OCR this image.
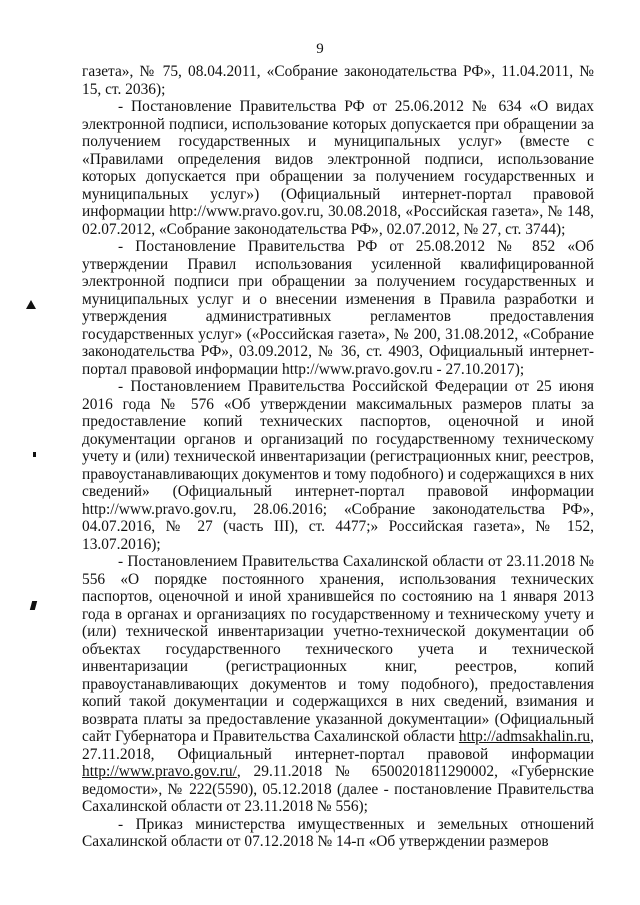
9

газета», № 75, 08.04.2011, «Собрание законодательства РФ», 11.04.2011, № 15, ст. 2036);

- Постановление Правительства РФ от 25.06.2012 № 634 «О видах электронной подписи, использование которых допускается при обращении за получением государственных и муниципальных услуг» (вместе с «Правилами определения видов электронной подписи, использование которых допускается при обращении за получением государственных и муниципальных услуг») (Официальный интернет-портал правовой информации http://www.pravo.gov.ru, 30.08.2018, «Российская газета», № 148, 02.07.2012, «Собрание законодательства РФ», 02.07.2012, № 27, ст. 3744);

- Постановление Правительства РФ от 25.08.2012 № 852 «Об утверждении Правил использования усиленной квалифицированной электронной подписи при обращении за получением государственных и муниципальных услуг и о внесении изменения в Правила разработки и утверждения административных регламентов предоставления государственных услуг» («Российская газета», № 200, 31.08.2012, «Собрание законодательства РФ», 03.09.2012, № 36, ст. 4903, Официальный интернет-портал правовой информации http://www.pravo.gov.ru - 27.10.2017);

- Постановлением Правительства Российской Федерации от 25 июня 2016 года № 576 «Об утверждении максимальных размеров платы за предоставление копий технических паспортов, оценочной и иной документации органов и организаций по государственному техническому учету и (или) технической инвентаризации (регистрационных книг, реестров, правоустанавливающих документов и тому подобного) и содержащихся в них сведений» (Официальный интернет-портал правовой информации http://www.pravo.gov.ru, 28.06.2016; «Собрание законодательства РФ», 04.07.2016, № 27 (часть III), ст. 4477;» Российская газета», № 152, 13.07.2016);

- Постановлением Правительства Сахалинской области от 23.11.2018 № 556 «О порядке постоянного хранения, использования технических паспортов, оценочной и иной хранившейся по состоянию на 1 января 2013 года в органах и организациях по государственному и техническому учету и (или) технической инвентаризации учетно-технической документации об объектах государственного технического учета и технической инвентаризации (регистрационных книг, реестров, копий правоустанавливающих документов и тому подобного), предоставления копий такой документации и содержащихся в них сведений, взимания и возврата платы за предоставление указанной документации» (Официальный сайт Губернатора и Правительства Сахалинской области http://admsakhalin.ru, 27.11.2018, Официальный интернет-портал правовой информации http://www.pravo.gov.ru/, 29.11.2018 № 6500201811290002, «Губернские ведомости», № 222(5590), 05.12.2018 (далее - постановление Правительства Сахалинской области от 23.11.2018 № 556);

- Приказ министерства имущественных и земельных отношений Сахалинской области от 07.12.2018 № 14-п «Об утверждении размеров
